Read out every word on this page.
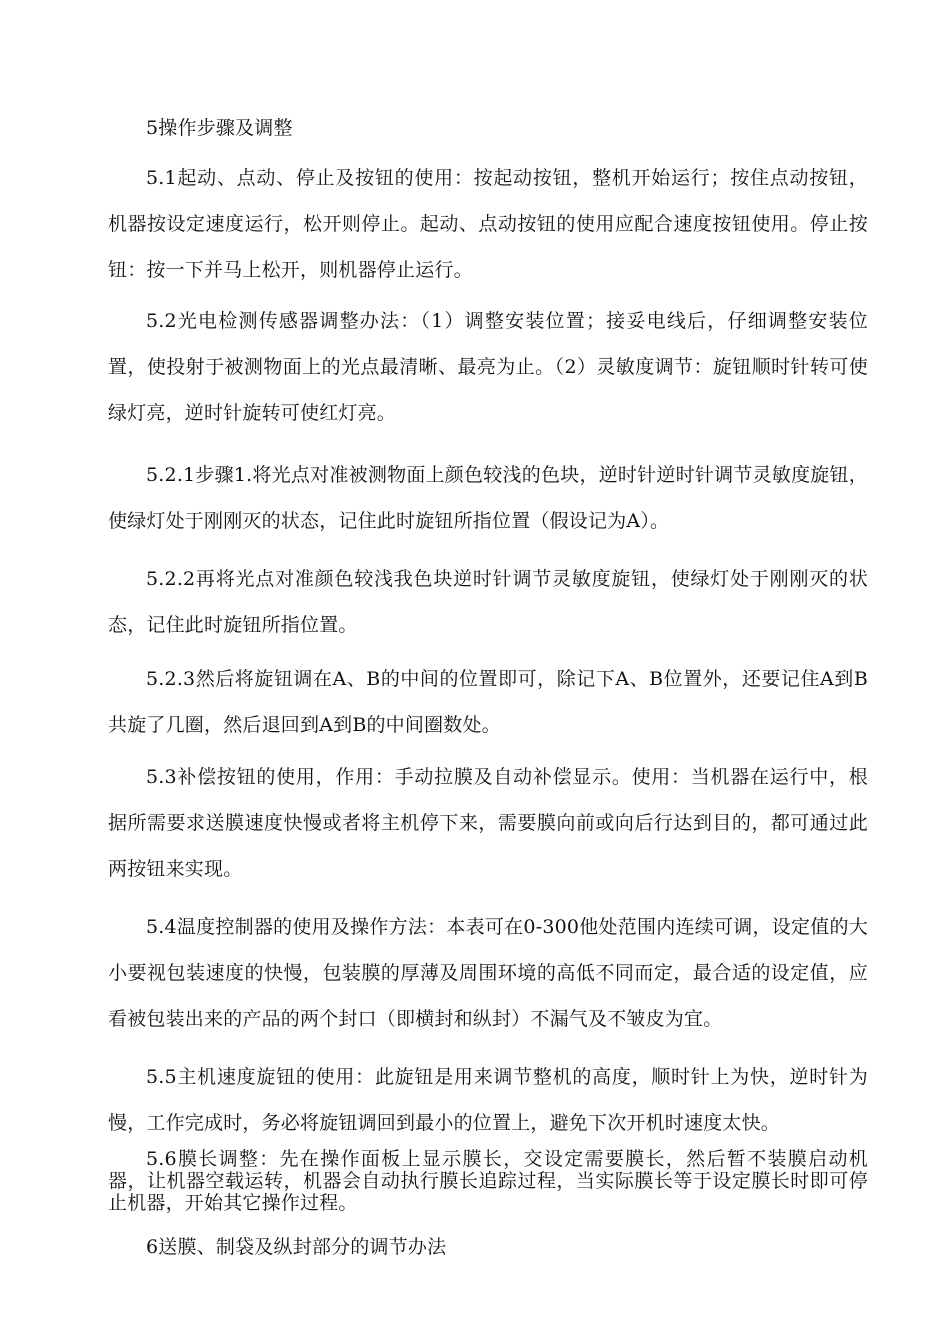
5操作步骤及调整

5.1起动、点动、停止及按钮的使用：按起动按钮，整机开始运行；按住点动按钮，机器按设定速度运行，松开则停止。起动、点动按钮的使用应配合速度按钮使用。停止按钮：按一下并马上松开，则机器停止运行。

5.2光电检测传感器调整办法：（1）调整安装位置；接妥电线后，仔细调整安装位置，使投射于被测物面上的光点最清晰、最亮为止。（2）灵敏度调节：旋钮顺时针转可使绿灯亮，逆时针旋转可使红灯亮。

5.2.1步骤1.将光点对准被测物面上颜色较浅的色块，逆时针逆时针调节灵敏度旋钮，使绿灯处于刚刚灭的状态，记住此时旋钮所指位置（假设记为A）。

5.2.2再将光点对准颜色较浅我色块逆时针调节灵敏度旋钮，使绿灯处于刚刚灭的状态，记住此时旋钮所指位置。

5.2.3然后将旋钮调在A、B的中间的位置即可，除记下A、B位置外，还要记住A到B共旋了几圈，然后退回到A到B的中间圈数处。

5.3补偿按钮的使用，作用：手动拉膜及自动补偿显示。使用：当机器在运行中，根据所需要求送膜速度快慢或者将主机停下来，需要膜向前或向后行达到目的，都可通过此两按钮来实现。

5.4温度控制器的使用及操作方法：本表可在0-300他处范围内连续可调，设定值的大小要视包装速度的快慢，包装膜的厚薄及周围环境的高低不同而定，最合适的设定值，应看被包装出来的产品的两个封口（即横封和纵封）不漏气及不皱皮为宜。

5.5主机速度旋钮的使用：此旋钮是用来调节整机的高度，顺时针上为快，逆时针为慢，工作完成时，务必将旋钮调回到最小的位置上，避免下次开机时速度太快。

5.6膜长调整：先在操作面板上显示膜长，交设定需要膜长，然后暂不装膜启动机器，让机器空载运转，机器会自动执行膜长追踪过程，当实际膜长等于设定膜长时即可停止机器，开始其它操作过程。

6送膜、制袋及纵封部分的调节办法
